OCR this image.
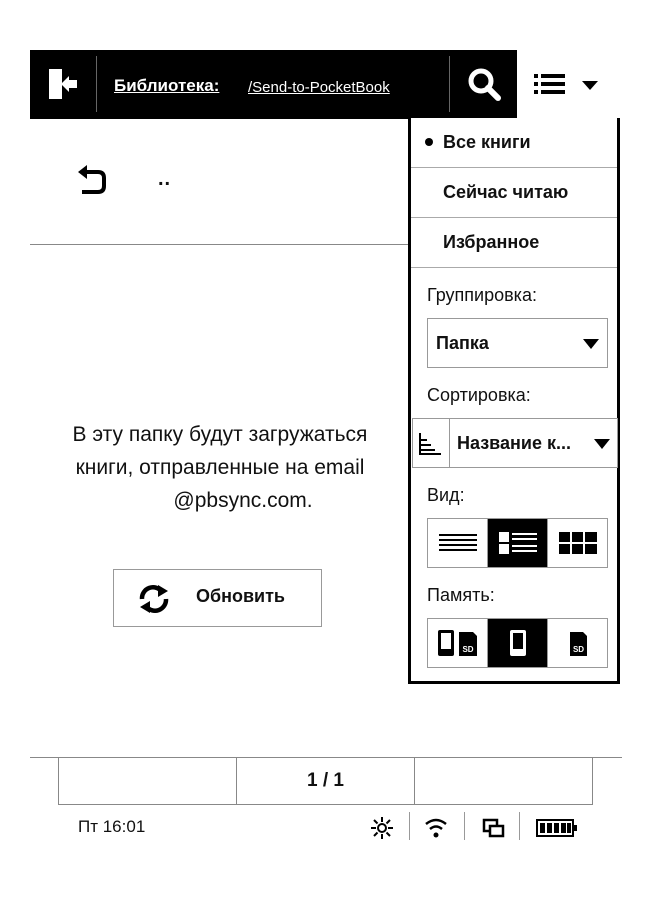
Библиотека: /Send-to-PocketBook
..
В эту папку будут загружаться
книги, отправленные на email
@pbsync.com.
Обновить
Все книги
Сейчас читаю
Избранное
Группировка:
Папка
Сортировка:
Название к...
Вид:
Память:
SD	SD
1 / 1
Пт 16:01
